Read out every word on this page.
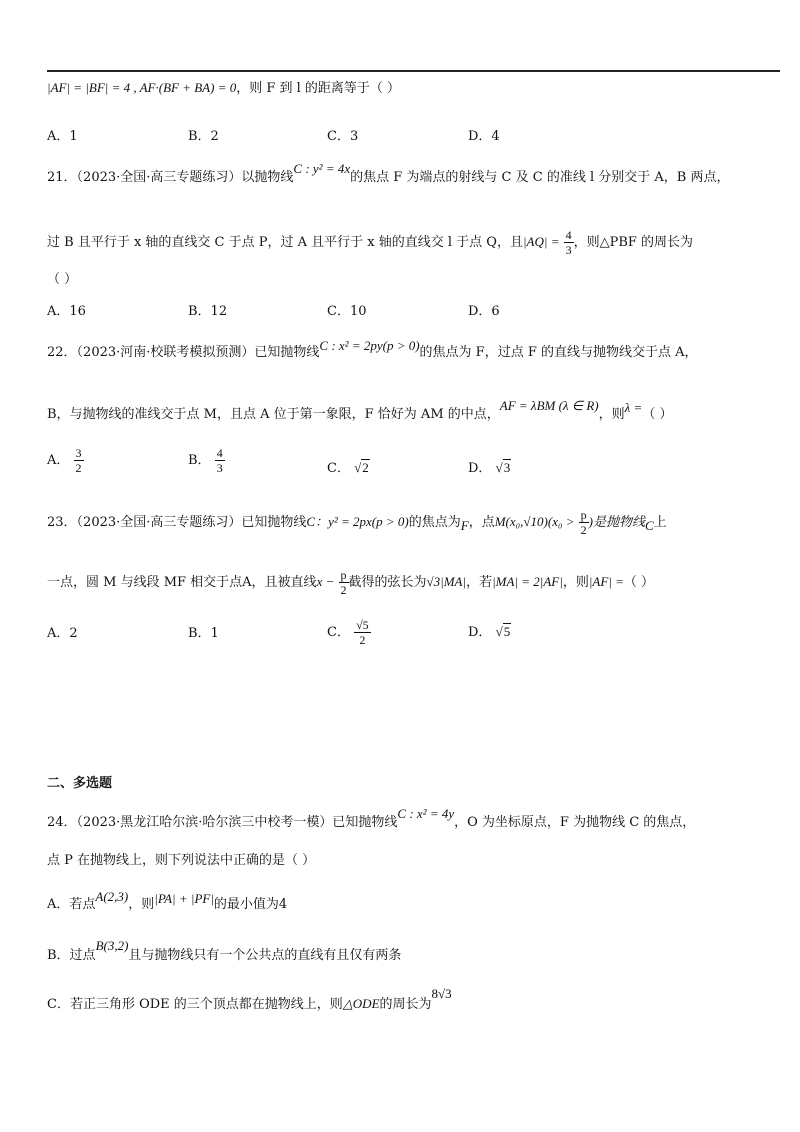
|AF| = |BF| = 4 , AF·(BF + BA) = 0，则 F 到 l 的距离等于（ ）
A．1	B．2	C．3	D．4
21．（2023·全国·高三专题练习）以抛物线C : y² = 4x的焦点 F 为端点的射线与 C 及 C 的准线 l 分别交于 A，B 两点，
过 B 且平行于 x 轴的直线交 C 于点 P，过 A 且平行于 x 轴的直线交 l 于点 Q，且$|AQ| = \frac{4}{3}$ ，则△PBF 的周长为
（ ）
A．16	B．12	C．10	D．6
22．（2023·河南·校联考模拟预测）已知抛物线C : x² = 2py(p > 0)的焦点为 F，过点 F 的直线与抛物线交于点 A，
B，与抛物线的准线交于点 M，且点 A 位于第一象限，F 恰好为 AM 的中点，AF = λBM (λ ∈ R)，则λ =（ ）
A． $\frac{3}{2}$	B． $\frac{4}{3}$	C． √2	D． √3
23．（2023·全国·高三专题练习）已知抛物线C：y² = 2px(p > 0)的焦点为F，点$M(x_0,√10)(x_0 > \frac{p}{2}$ )是抛物线C上
一点，圆 M 与线段 MF 相交于点A，且被直线$x - \frac{p}{2}$ 截得的弦长为√3|MA|，若|MA| = 2|AF|，则|AF| =（ ）
A．2	B．1	C． $\frac{√5}{2}$	D． √5
二、多选题
24．（2023·黑龙江哈尔滨·哈尔滨三中校考一模）已知抛物线C : x² = 4y，O 为坐标原点，F 为抛物线 C 的焦点，
点 P 在抛物线上，则下列说法中正确的是（ ）
A．若点A(2,3)，则|PA| + |PF|的最小值为4
B．过点B(3,2)且与抛物线只有一个公共点的直线有且仅有两条
C．若正三角形 ODE 的三个顶点都在抛物线上，则△ODE的周长为8√3
